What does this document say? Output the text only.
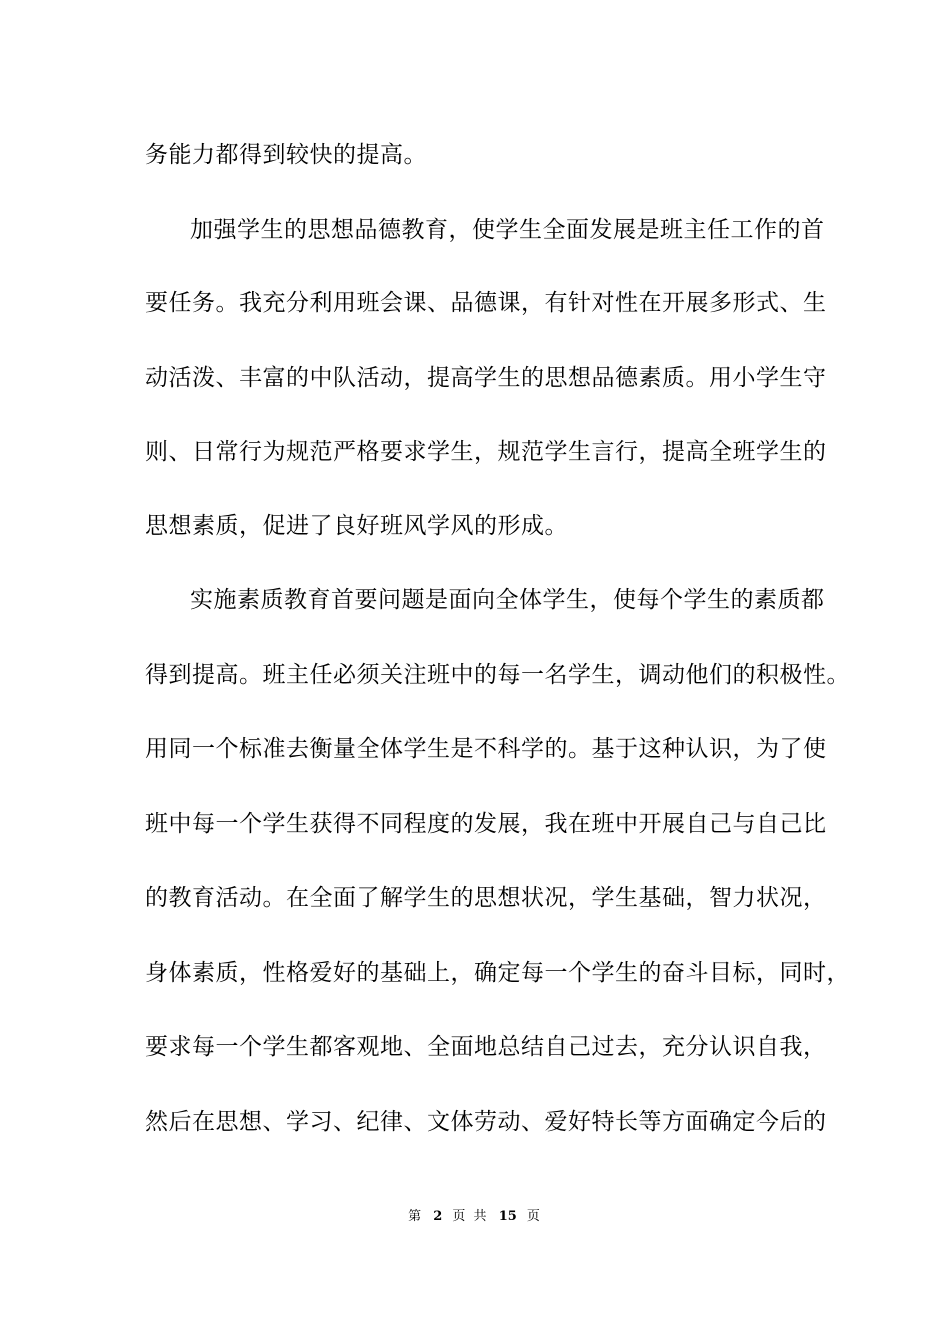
务能力都得到较快的提高。
加强学生的思想品德教育，使学生全面发展是班主任工作的首
要任务。我充分利用班会课、品德课，有针对性在开展多形式、生
动活泼、丰富的中队活动，提高学生的思想品德素质。用小学生守
则、日常行为规范严格要求学生，规范学生言行，提高全班学生的
思想素质，促进了良好班风学风的形成。
实施素质教育首要问题是面向全体学生，使每个学生的素质都
得到提高。班主任必须关注班中的每一名学生，调动他们的积极性。
用同一个标准去衡量全体学生是不科学的。基于这种认识，为了使
班中每一个学生获得不同程度的发展，我在班中开展自己与自己比
的教育活动。在全面了解学生的思想状况，学生基础，智力状况，
身体素质，性格爱好的基础上，确定每一个学生的奋斗目标，同时，
要求每一个学生都客观地、全面地总结自己过去，充分认识自我，
然后在思想、学习、纪律、文体劳动、爱好特长等方面确定今后的
第 2 页 共 15 页
